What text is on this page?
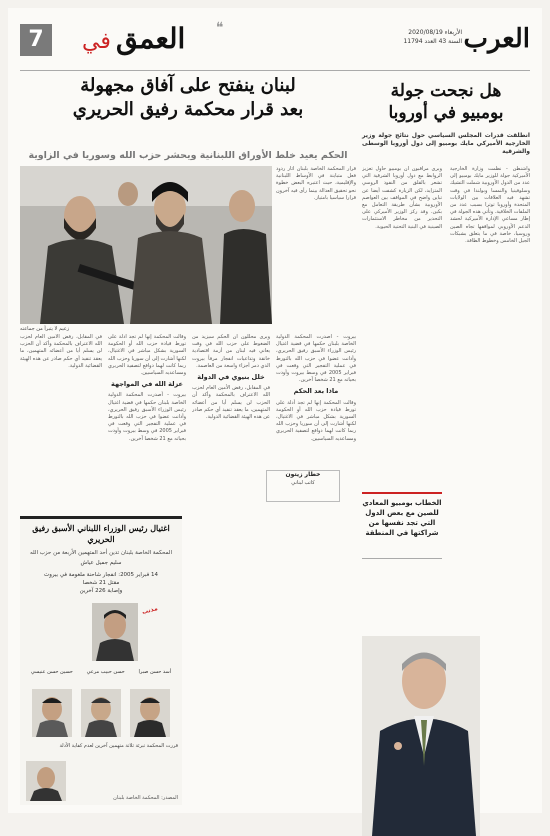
العرب
الأربعاء 2020/08/19
السنة 43 العدد 11794
العمق في
❝
7
هل نجحت جولة
بومبيو في أوروبا
انطلقت قدرات المجلس السياسي حول نتائج جولة وزير الخارجية الأميركي مايك بومبيو إلى دول أوروبا الوسطى والشرقية
واشنطن - نظمت وزارة الخارجية الأميركية جولة للوزير مايك بومبيو إلى عدد من الدول الأوروبية شملت التشيك وسلوفينيا والنمسا وبولندا في وقت تشهد فيه العلاقات بين الولايات المتحدة وأوروبا توترا بسبب عدد من الملفات الخلافية. وتأتي هذه الجولة في إطار مساعي الإدارة الأميركية لحشد الدعم الأوروبي لمواقفها تجاه الصين وروسيا، خاصة في ما يتعلق بشبكات الجيل الخامس وخطوط الطاقة.
ويرى مراقبون أن بومبيو حاول تعزيز الروابط مع دول أوروبا الشرقية التي تشعر بالقلق من النفوذ الروسي المتزايد، لكن الزيارة كشفت أيضا عن تباين واضح في المواقف بين العواصم الأوروبية بشأن طريقة التعامل مع بكين. وقد ركز الوزير الأميركي على التحذير من مخاطر الاستثمارات الصينية في البنية التحتية الحيوية.
الخطاب بومبيو المعادي للصين مع بعض الدول التي تجد نفسها من شراكتها في المنطقة
لبنان ينفتح على آفاق مجهولة
بعد قرار محكمة رفيق الحريري
الحكم يعيد خلط الأوراق اللبنانية ويحشر حزب الله وسوريا في الزاوية
زعيم لا يتبرأ من جماعته
قرار المحكمة الخاصة بلبنان أثار ردود فعل متباينة في الأوساط اللبنانية والإقليمية، حيث اعتبره البعض خطوة نحو تحقيق العدالة بينما رأى فيه آخرون قرارا سياسيا بامتياز.
بيروت - أصدرت المحكمة الدولية الخاصة بلبنان حكمها في قضية اغتيال رئيس الوزراء الأسبق رفيق الحريري، وأدانت عضوا في حزب الله بالتورط في عملية التفجير التي وقعت في فبراير 2005 في وسط بيروت وأودت بحياته مع 21 شخصا آخرين.
ماذا بعد الحكم
وقالت المحكمة إنها لم تجد أدلة على تورط قيادة حزب الله أو الحكومة السورية بشكل مباشر في الاغتيال، لكنها أشارت إلى أن سوريا وحزب الله ربما كانت لهما دوافع لتصفية الحريري ومساعديه السياسيين.
ويرى محللون أن الحكم سيزيد من الضغوط على حزب الله في وقت يعاني فيه لبنان من أزمة اقتصادية خانقة وتداعيات انفجار مرفأ بيروت الذي دمر أجزاء واسعة من العاصمة.
خلل بنيوي في الدولة
في المقابل، رفض الأمين العام لحزب الله الاعتراف بالمحكمة وأكد أن الحزب لن يسلم أيا من أعضائه المتهمين، ما يعقد تنفيذ أي حكم صادر عن هذه الهيئة القضائية الدولية.
وقالت المحكمة إنها لم تجد أدلة على تورط قيادة حزب الله أو الحكومة السورية بشكل مباشر في الاغتيال، لكنها أشارت إلى أن سوريا وحزب الله ربما كانت لهما دوافع لتصفية الحريري ومساعديه السياسيين.
عزلة الله في المواجهة
بيروت - أصدرت المحكمة الدولية الخاصة بلبنان حكمها في قضية اغتيال رئيس الوزراء الأسبق رفيق الحريري، وأدانت عضوا في حزب الله بالتورط في عملية التفجير التي وقعت في فبراير 2005 في وسط بيروت وأودت بحياته مع 21 شخصا آخرين.
في المقابل، رفض الأمين العام لحزب الله الاعتراف بالمحكمة وأكد أن الحزب لن يسلم أيا من أعضائه المتهمين، ما يعقد تنفيذ أي حكم صادر عن هذه الهيئة القضائية الدولية.
خطار زيتون
كاتب لبناني
اغتيال رئيس الوزراء اللبناني الأسبق رفيق الحريري
المحكمة الخاصة بلبنان تدين أحد المتهمين الأربعة من حزب الله
سليم جميل عياش
14 فبراير 2005: انفجار شاحنة ملغومة في بيروت
مقتل 21 شخصا
وإصابة 226 آخرين
مذنب
أسد حسن صبرا
حسن حبيب مرعي
حسين حسن عنيسي
قررت المحكمة تبرئة ثلاثة متهمين آخرين لعدم كفاية الأدلة
المصدر: المحكمة الخاصة بلبنان
